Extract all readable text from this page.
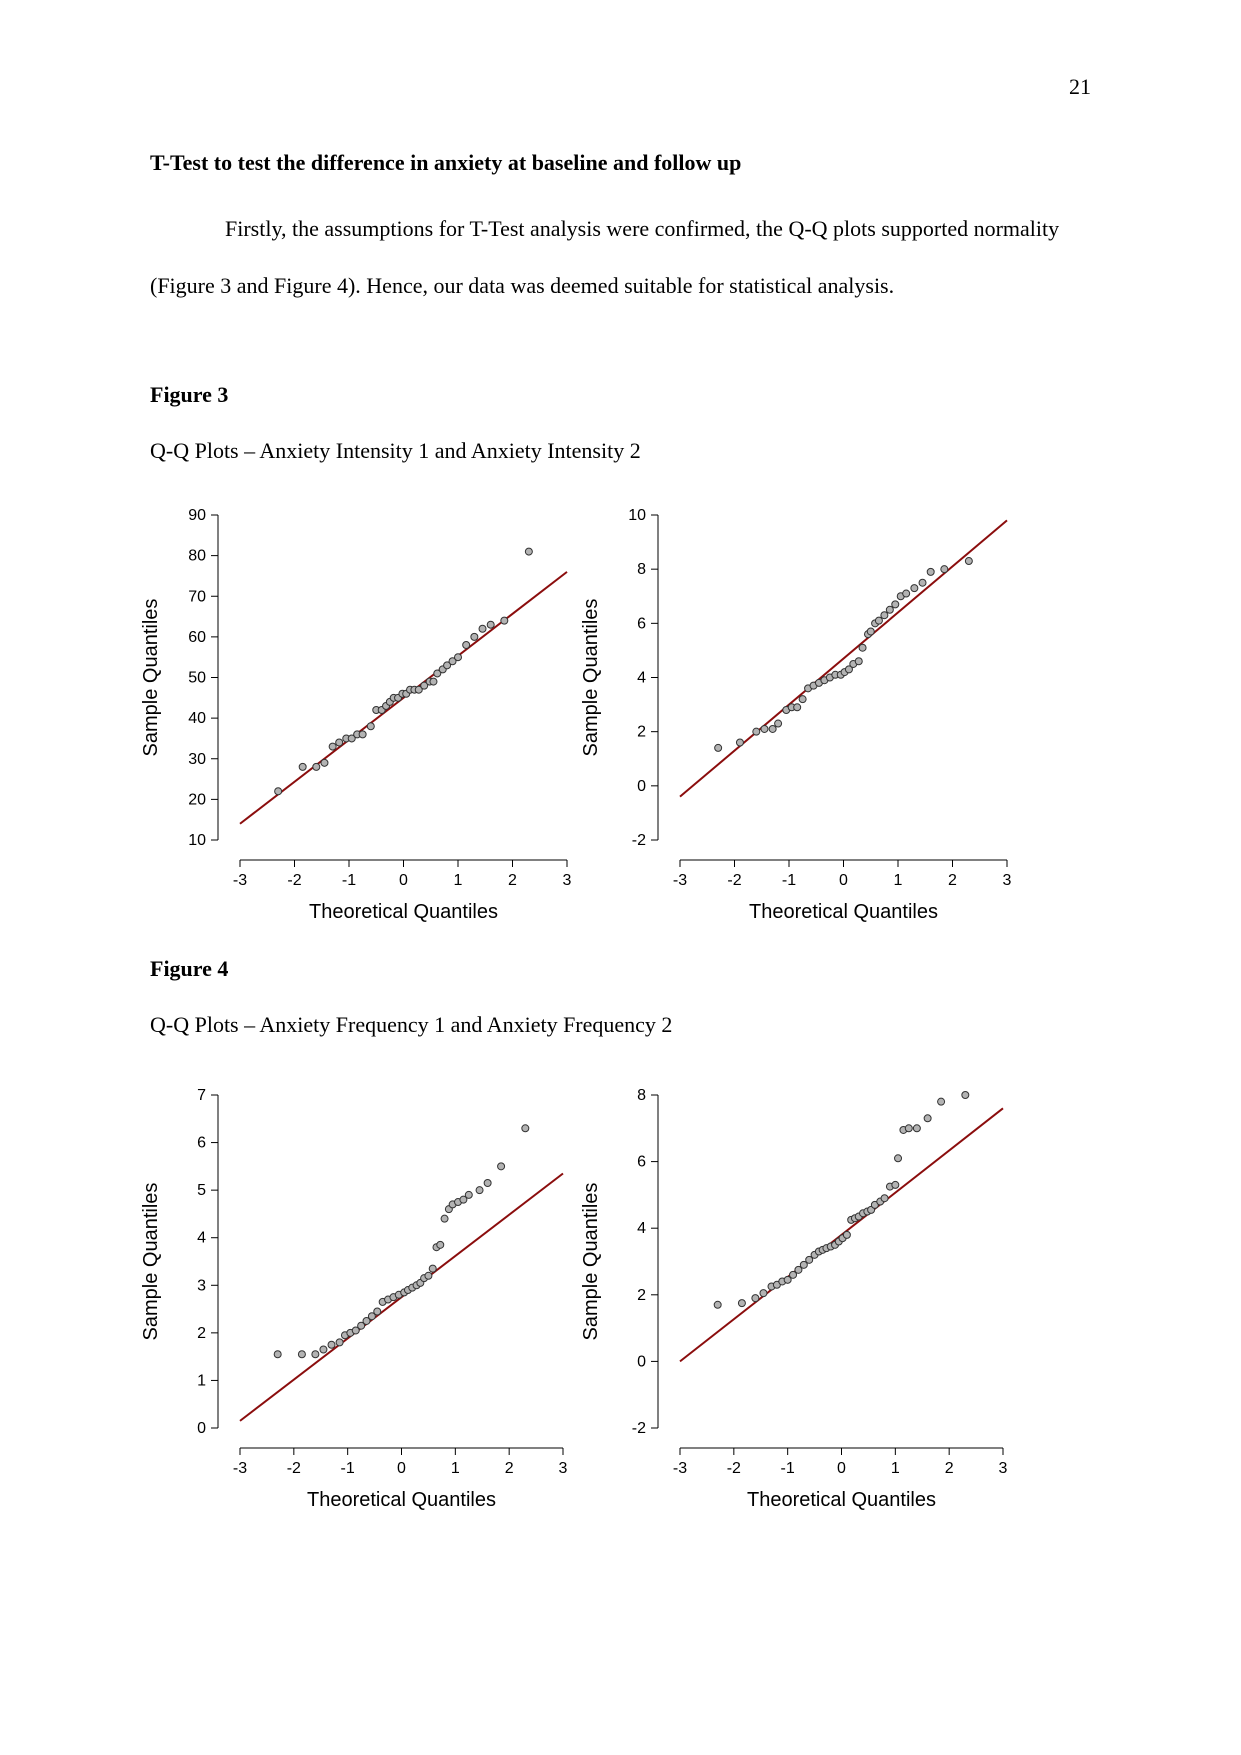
21
T-Test to test the difference in anxiety at baseline and follow up

Firstly, the assumptions for T-Test analysis were confirmed, the Q-Q plots supported normality (Figure 3 and Figure 4). Hence, our data was deemed suitable for statistical analysis.

Figure 3
Q-Q Plots – Anxiety Intensity 1 and Anxiety Intensity 2
10
20
30
40
50
60
70
80
90
-3	-2	-1	0	1	2	3
Theoretical Quantiles
Sample Quantiles
-2
0
2
4
6
8
10
-3	-2	-1	0	1	2	3
Theoretical Quantiles
Sample Quantiles
Figure 4
Q-Q Plots – Anxiety Frequency 1 and Anxiety Frequency 2
0
1
2
3
4
5
6
7
-3 -2 -1	0	1	2	3
Theoretical Quantiles
Sample Quantiles
-2
0
2
4
6
8
-3 -2 -1	0	1	2	3
Theoretical Quantiles
Sample Quantiles
